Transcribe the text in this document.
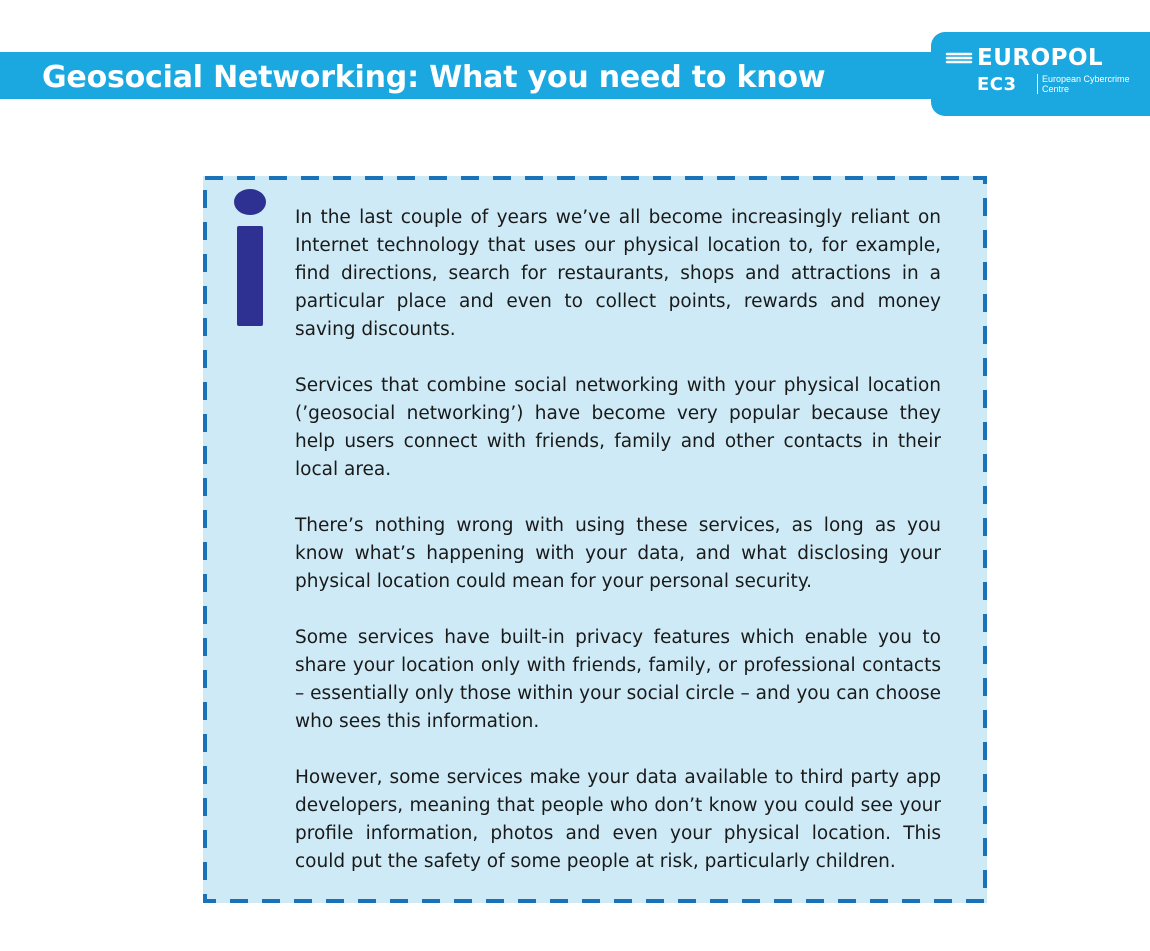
Geosocial Networking: What you need to know
EUROPOL
EC3	European Cybercrime
Centre

In the last couple of years we’ve all become increasingly reliant on Internet technology that uses our physical location to, for example, find directions, search for restaurants, shops and attractions in a particular place and even to collect points, rewards and money saving discounts.

Services that combine social networking with your physical location (’geosocial networking’) have become very popular because they help users connect with friends, family and other contacts in their local area.

There’s nothing wrong with using these services, as long as you know what’s happening with your data, and what disclosing your physical location could mean for your personal security.

Some services have built-in privacy features which enable you to share your location only with friends, family, or professional contacts – essentially only those within your social circle – and you can choose who sees this information.

However, some services make your data available to third party app developers, meaning that people who don’t know you could see your profile information, photos and even your physical location. This could put the safety of some people at risk, particularly children.
